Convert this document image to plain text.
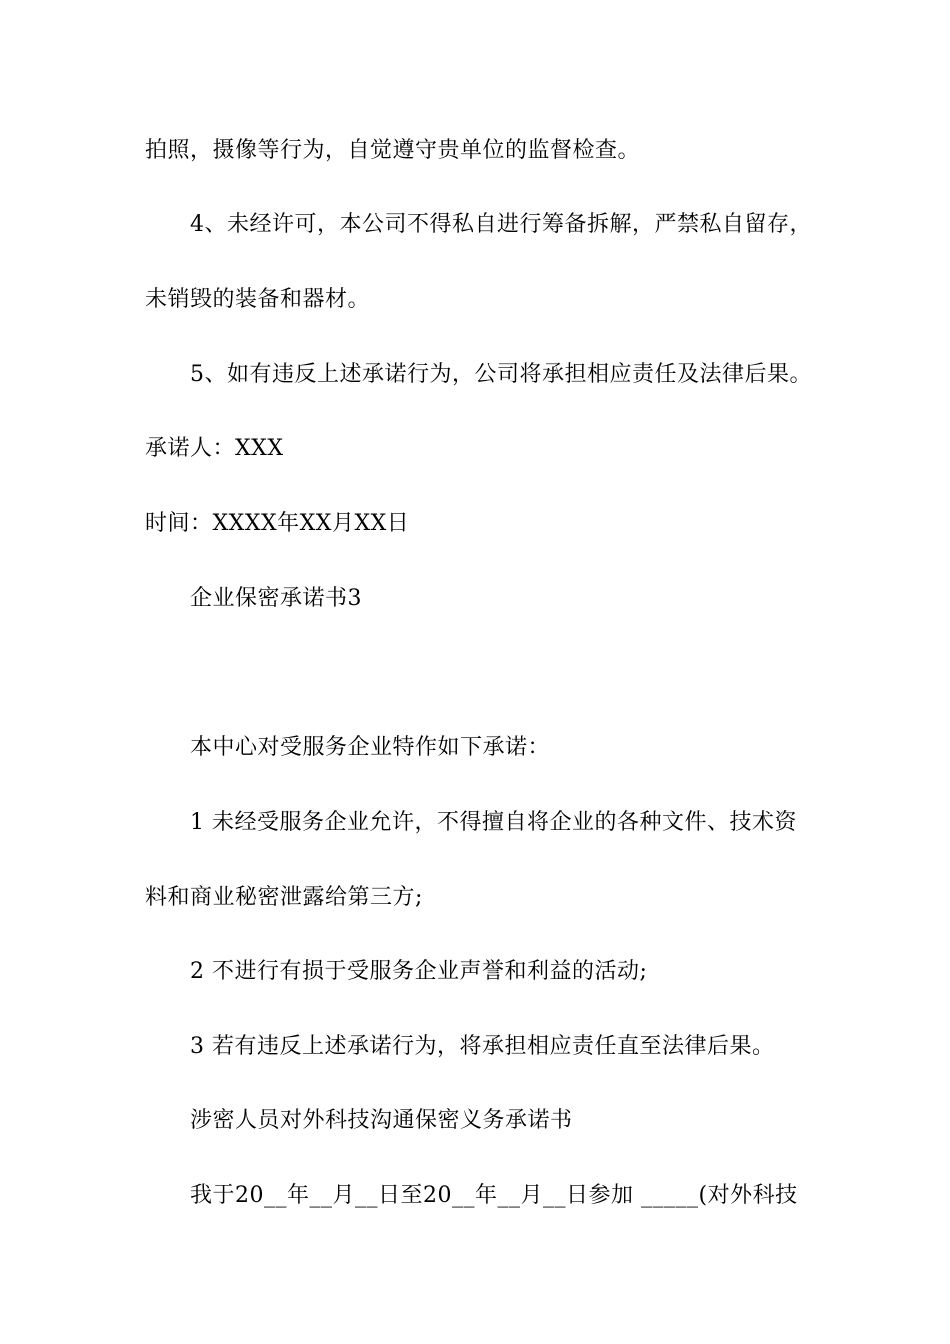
拍照，摄像等行为，自觉遵守贵单位的监督检查。
4、未经许可，本公司不得私自进行筹备拆解，严禁私自留存，
未销毁的装备和器材。
5、如有违反上述承诺行为，公司将承担相应责任及法律后果。
承诺人：XXX
时间：XXXX年XX月XX日
企业保密承诺书3
本中心对受服务企业特作如下承诺：
1 未经受服务企业允许，不得擅自将企业的各种文件、技术资
料和商业秘密泄露给第三方;
2 不进行有损于受服务企业声誉和利益的活动;
3 若有违反上述承诺行为，将承担相应责任直至法律后果。
涉密人员对外科技沟通保密义务承诺书
我于20__年__月__日至20__年__月__日参加 _____(对外科技
